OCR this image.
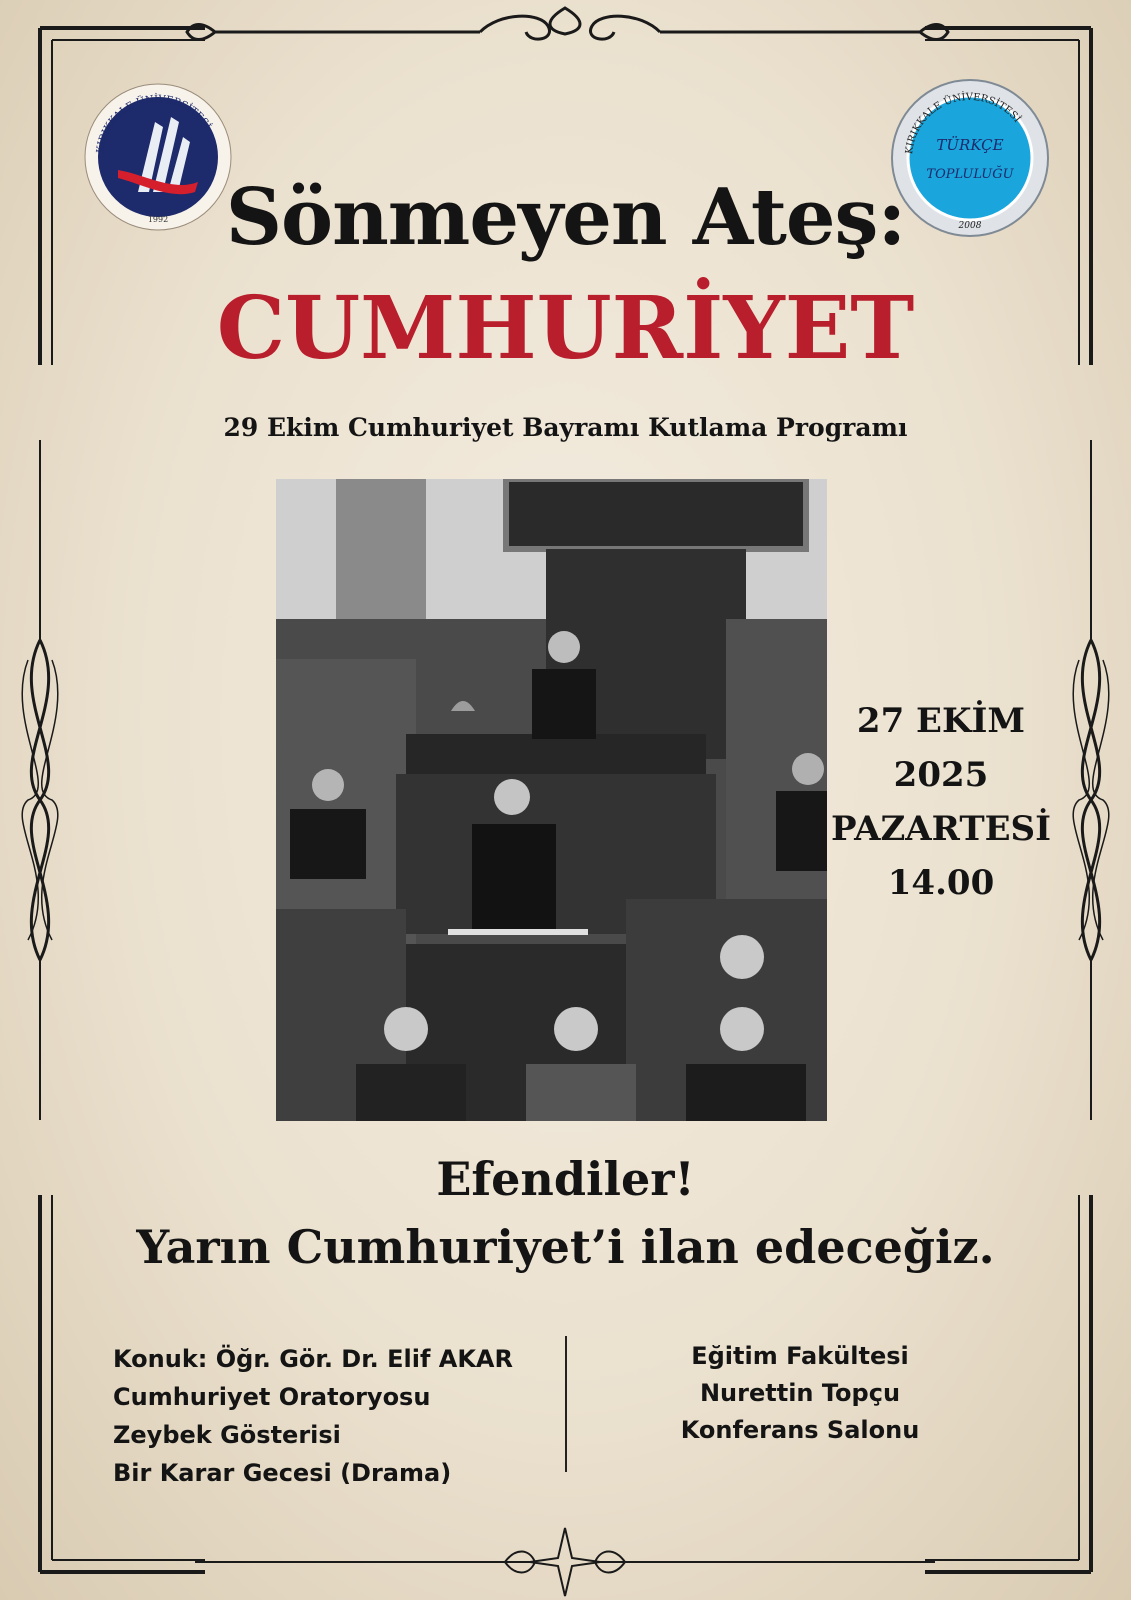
1992
KIRIKKALE ÜNİVERSİTESİ
KIRIKKALE ÜNİVERSİTESİ
TÜRKÇE
TOPLULUĞU
2008
Sönmeyen Ateş:
CUMHURİYET
29 Ekim Cumhuriyet Bayramı Kutlama Programı
27 EKİM
2025
PAZARTESİ
14.00
Efendiler!
Yarın Cumhuriyet’i ilan edeceğiz.
Konuk: Öğr. Gör. Dr. Elif AKAR
Cumhuriyet Oratoryosu
Zeybek Gösterisi
Bir Karar Gecesi (Drama)
Eğitim Fakültesi
Nurettin Topçu
Konferans Salonu
